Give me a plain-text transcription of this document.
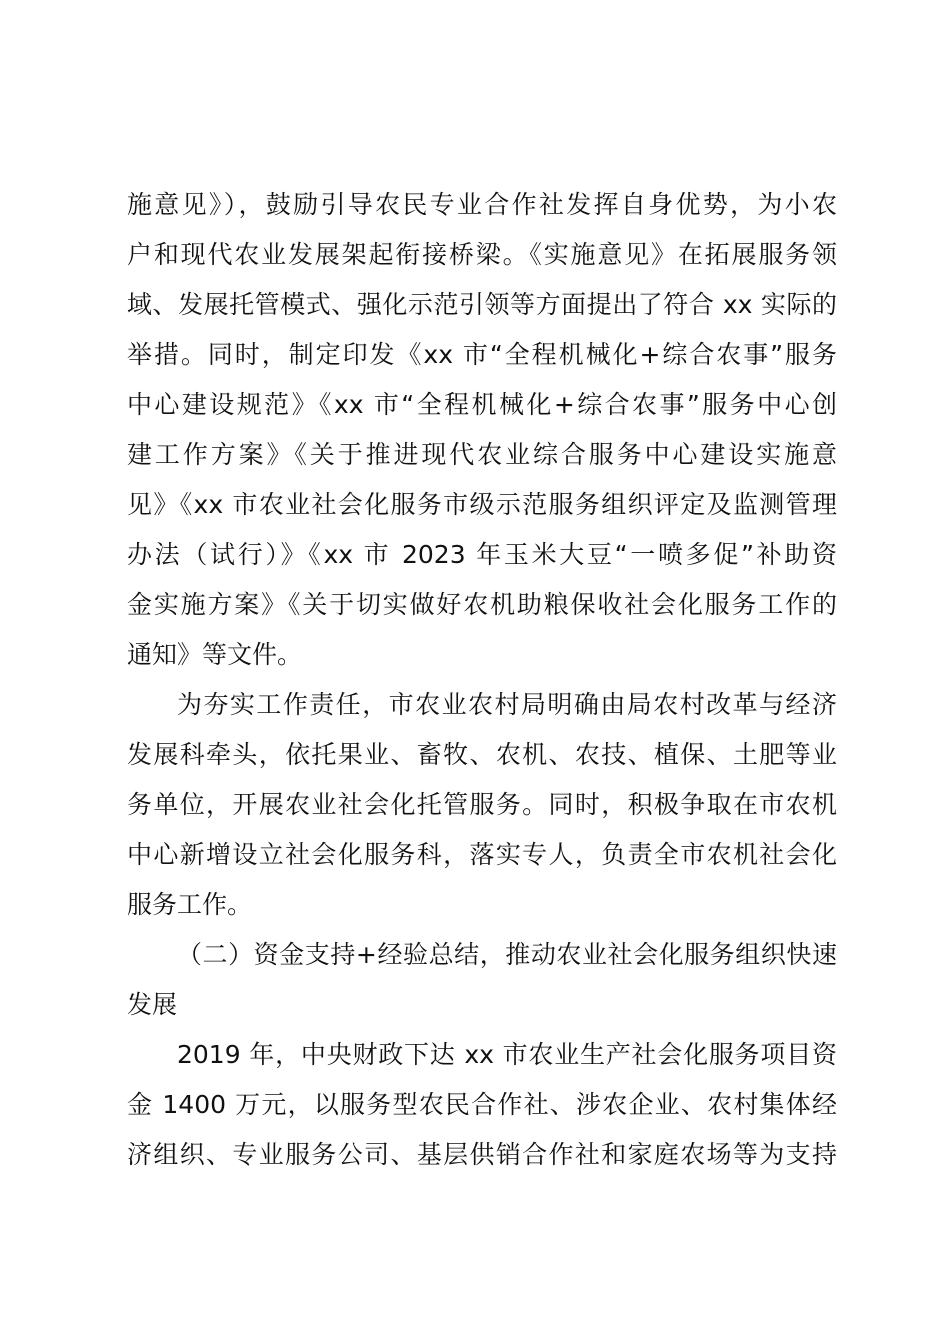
施意见》），鼓励引导农民专业合作社发挥自身优势，为小农
户和现代农业发展架起衔接桥梁。《实施意见》在拓展服务领
域、发展托管模式、强化示范引领等方面提出了符合 xx 实际的
举措。同时，制定印发《xx 市“全程机械化+综合农事”服务
中心建设规范》《xx 市“全程机械化+综合农事”服务中心创
建工作方案》《关于推进现代农业综合服务中心建设实施意
见》《xx 市农业社会化服务市级示范服务组织评定及监测管理
办法（试行）》《xx 市 2023 年玉米大豆“一喷多促”补助资
金实施方案》《关于切实做好农机助粮保收社会化服务工作的
通知》等文件。
为夯实工作责任，市农业农村局明确由局农村改革与经济
发展科牵头，依托果业、畜牧、农机、农技、植保、土肥等业
务单位，开展农业社会化托管服务。同时，积极争取在市农机
中心新增设立社会化服务科，落实专人，负责全市农机社会化
服务工作。
（二）资金支持+经验总结，推动农业社会化服务组织快速
发展
2019 年，中央财政下达 xx 市农业生产社会化服务项目资
金 1400 万元，以服务型农民合作社、涉农企业、农村集体经
济组织、专业服务公司、基层供销合作社和家庭农场等为支持
